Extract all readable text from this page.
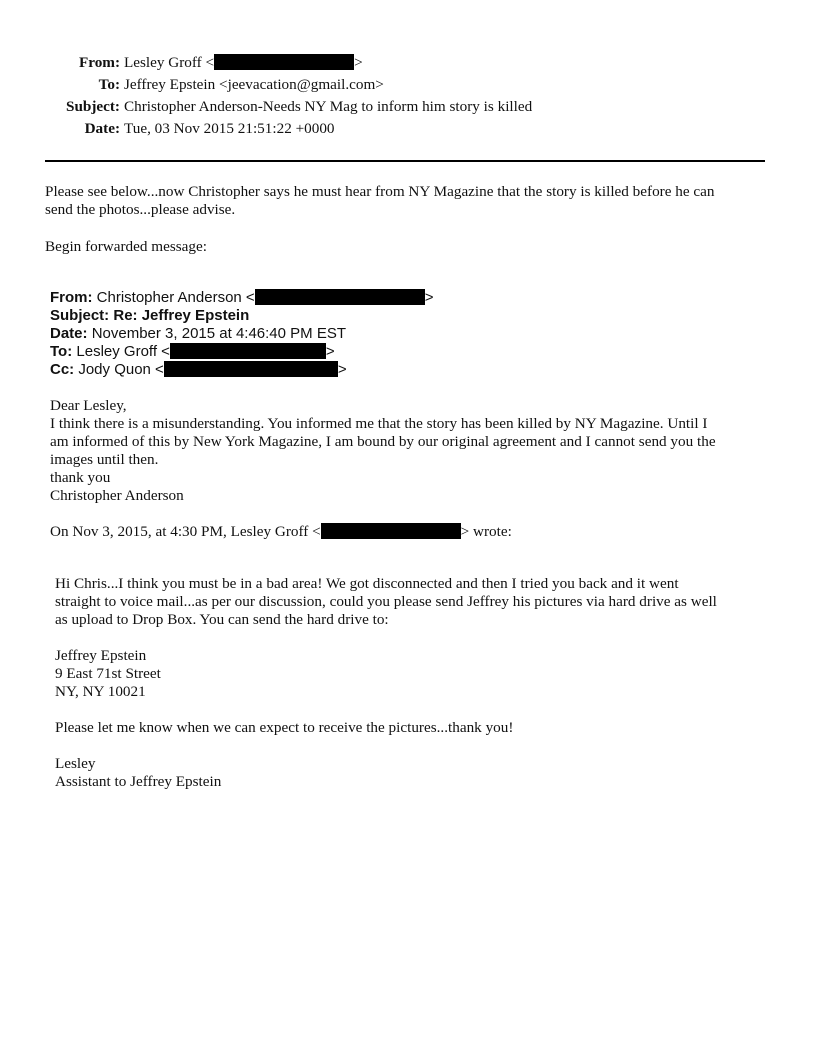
From: Lesley Groff <	>
To: Jeffrey Epstein <jeevacation@gmail.com>
Subject: Christopher Anderson-Needs NY Mag to inform him story is killed
Date: Tue, 03 Nov 2015 21:51:22 +0000
Please see below...now Christopher says he must hear from NY Magazine that the story is killed before he can
send the photos...please advise.
Begin forwarded message:
From: Christopher Anderson <	>
Subject: Re: Jeffrey Epstein
Date: November 3, 2015 at 4:46:40 PM EST
To: Lesley Groff <	>
Cc: Jody Quon <	>
Dear Lesley,
I think there is a misunderstanding. You informed me that the story has been killed by NY Magazine. Until I
am informed of this by New York Magazine, I am bound by our original agreement and I cannot send you the
images until then.
thank you
Christopher Anderson
On Nov 3, 2015, at 4:30 PM, Lesley Groff <	> wrote:
Hi Chris...I think you must be in a bad area! We got disconnected and then I tried you back and it went
straight to voice mail...as per our discussion, could you please send Jeffrey his pictures via hard drive as well
as upload to Drop Box. You can send the hard drive to:
Jeffrey Epstein
9 East 71st Street
NY, NY 10021
Please let me know when we can expect to receive the pictures...thank you!
Lesley
Assistant to Jeffrey Epstein
